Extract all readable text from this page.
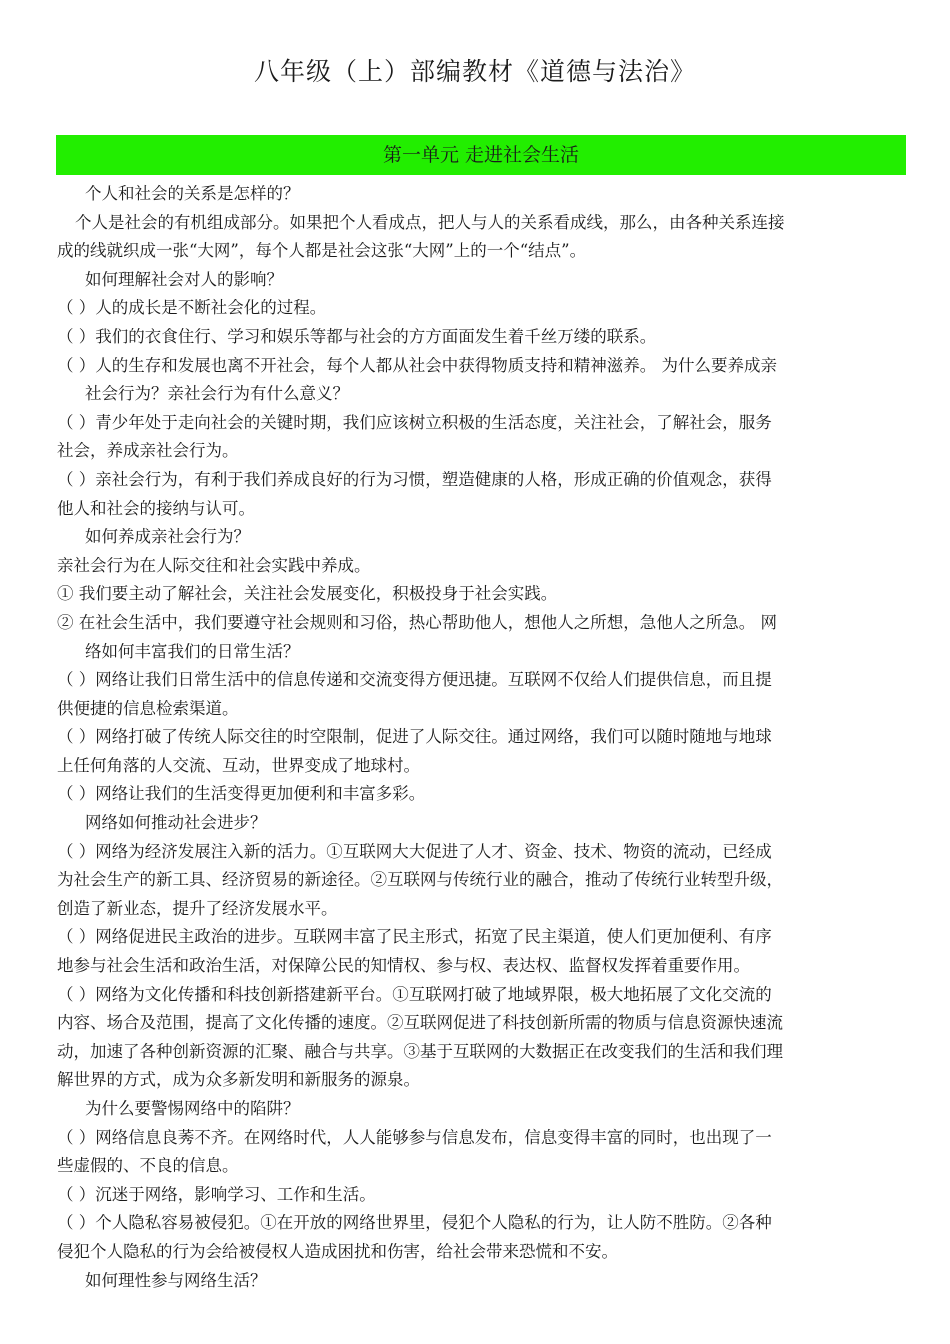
八年级（上）部编教材《道德与法治》
第一单元 走进社会生活

个人和社会的关系是怎样的？

个人是社会的有机组成部分。如果把个人看成点，把人与人的关系看成线，那么，由各种关系连接

成的线就织成一张“大网”，每个人都是社会这张“大网”上的一个“结点”。

如何理解社会对人的影响？

（ ）人的成长是不断社会化的过程。

（ ）我们的衣食住行、学习和娱乐等都与社会的方方面面发生着千丝万缕的联系。

（ ）人的生存和发展也离不开社会，每个人都从社会中获得物质支持和精神滋养。 为什么要养成亲

社会行为？亲社会行为有什么意义？

（ ）青少年处于走向社会的关键时期，我们应该树立积极的生活态度，关注社会，了解社会，服务

社会，养成亲社会行为。

（ ）亲社会行为，有利于我们养成良好的行为习惯，塑造健康的人格，形成正确的价值观念，获得

他人和社会的接纳与认可。

如何养成亲社会行为？

亲社会行为在人际交往和社会实践中养成。

① 我们要主动了解社会，关注社会发展变化，积极投身于社会实践。

② 在社会生活中，我们要遵守社会规则和习俗，热心帮助他人，想他人之所想，急他人之所急。 网

络如何丰富我们的日常生活？

（ ）网络让我们日常生活中的信息传递和交流变得方便迅捷。互联网不仅给人们提供信息，而且提

供便捷的信息检索渠道。

（ ）网络打破了传统人际交往的时空限制，促进了人际交往。通过网络，我们可以随时随地与地球

上任何角落的人交流、互动，世界变成了地球村。

（ ）网络让我们的生活变得更加便利和丰富多彩。

网络如何推动社会进步？

（ ）网络为经济发展注入新的活力。①互联网大大促进了人才、资金、技术、物资的流动，已经成

为社会生产的新工具、经济贸易的新途径。②互联网与传统行业的融合，推动了传统行业转型升级，

创造了新业态，提升了经济发展水平。

（ ）网络促进民主政治的进步。互联网丰富了民主形式，拓宽了民主渠道，使人们更加便利、有序

地参与社会生活和政治生活，对保障公民的知情权、参与权、表达权、监督权发挥着重要作用。

（ ）网络为文化传播和科技创新搭建新平台。①互联网打破了地域界限，极大地拓展了文化交流的

内容、场合及范围，提高了文化传播的速度。②互联网促进了科技创新所需的物质与信息资源快速流

动，加速了各种创新资源的汇聚、融合与共享。③基于互联网的大数据正在改变我们的生活和我们理

解世界的方式，成为众多新发明和新服务的源泉。

为什么要警惕网络中的陷阱？

（ ）网络信息良莠不齐。在网络时代，人人能够参与信息发布，信息变得丰富的同时，也出现了一

些虚假的、不良的信息。

（ ）沉迷于网络，影响学习、工作和生活。

（ ）个人隐私容易被侵犯。①在开放的网络世界里，侵犯个人隐私的行为，让人防不胜防。②各种

侵犯个人隐私的行为会给被侵权人造成困扰和伤害，给社会带来恐慌和不安。

如何理性参与网络生活？
